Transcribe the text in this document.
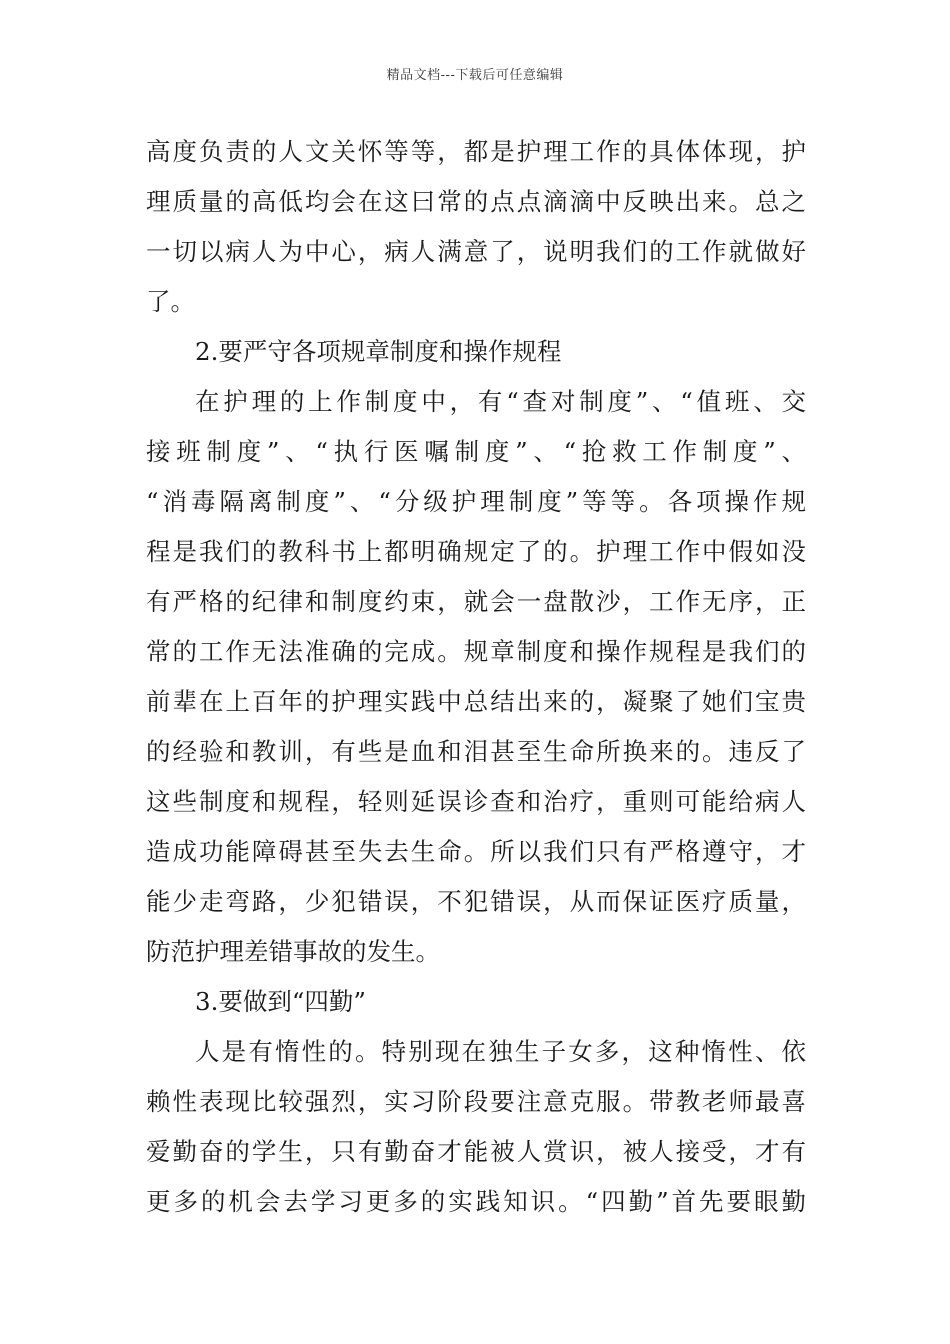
精品文档---下载后可任意编辑
高度负责的人文关怀等等，都是护理工作的具体体现，护
理质量的高低均会在这曰常的点点滴滴中反映出来。总之
一切以病人为中心，病人满意了，说明我们的工作就做好
了。
2.要严守各项规章制度和操作规程
在护理的上作制度中，有“查对制度”、“值班、交
接班制度”、“执行医嘱制度”、“抢救工作制度”、
“消毒隔离制度”、“分级护理制度”等等。各项操作规
程是我们的教科书上都明确规定了的。护理工作中假如没
有严格的纪律和制度约束，就会一盘散沙，工作无序，正
常的工作无法准确的完成。规章制度和操作规程是我们的
前辈在上百年的护理实践中总结出来的，凝聚了她们宝贵
的经验和教训，有些是血和泪甚至生命所换来的。违反了
这些制度和规程，轻则延误诊查和治疗，重则可能给病人
造成功能障碍甚至失去生命。所以我们只有严格遵守，才
能少走弯路，少犯错误，不犯错误，从而保证医疗质量，
防范护理差错事故的发生。
3.要做到“四勤”
人是有惰性的。特别现在独生子女多，这种惰性、依
赖性表现比较强烈，实习阶段要注意克服。带教老师最喜
爱勤奋的学生，只有勤奋才能被人赏识，被人接受，才有
更多的机会去学习更多的实践知识。“四勤”首先要眼勤
